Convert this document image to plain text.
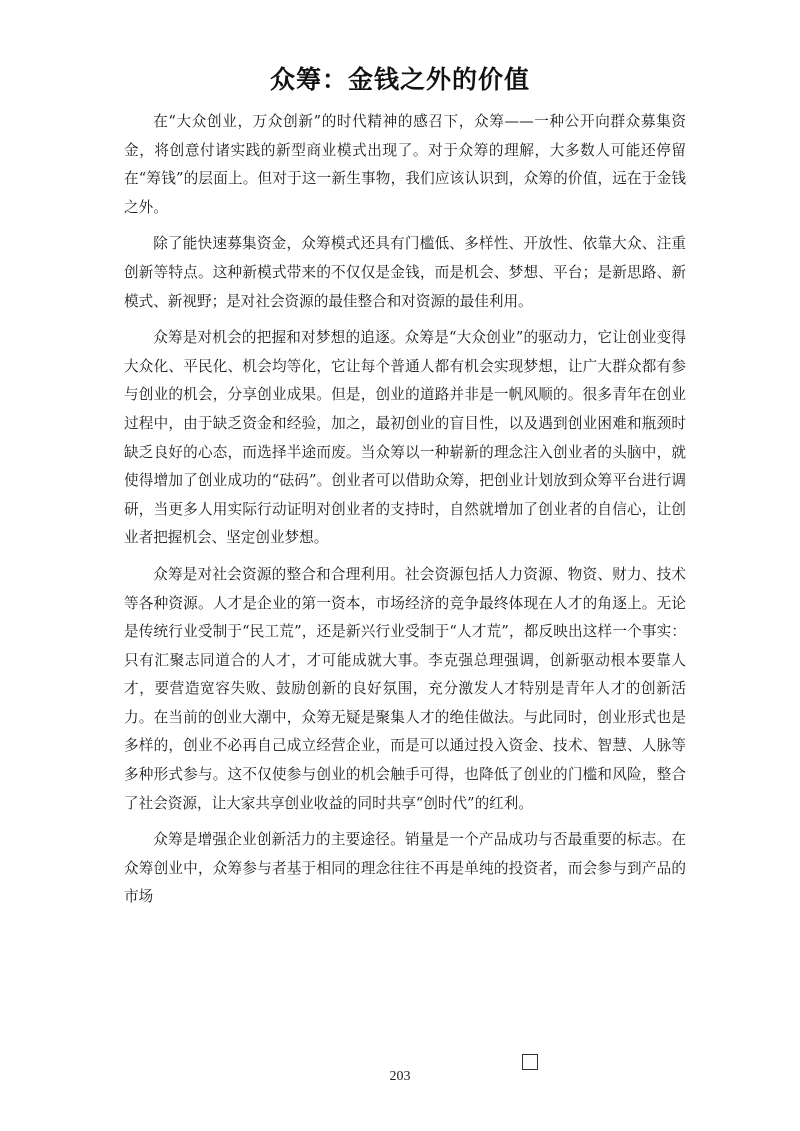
众筹：金钱之外的价值

在“大众创业，万众创新”的时代精神的感召下，众筹——一种公开向群众募集资金，将创意付诸实践的新型商业模式出现了。对于众筹的理解，大多数人可能还停留在“筹钱”的层面上。但对于这一新生事物，我们应该认识到，众筹的价值，远在于金钱之外。

除了能快速募集资金，众筹模式还具有门槛低、多样性、开放性、依靠大众、注重创新等特点。这种新模式带来的不仅仅是金钱，而是机会、梦想、平台；是新思路、新模式、新视野；是对社会资源的最佳整合和对资源的最佳利用。

众筹是对机会的把握和对梦想的追逐。众筹是“大众创业”的驱动力，它让创业变得大众化、平民化、机会均等化，它让每个普通人都有机会实现梦想，让广大群众都有参与创业的机会，分享创业成果。但是，创业的道路并非是一帆风顺的。很多青年在创业过程中，由于缺乏资金和经验，加之，最初创业的盲目性，以及遇到创业困难和瓶颈时缺乏良好的心态，而选择半途而废。当众筹以一种崭新的理念注入创业者的头脑中，就使得增加了创业成功的“砝码”。创业者可以借助众筹，把创业计划放到众筹平台进行调研，当更多人用实际行动证明对创业者的支持时，自然就增加了创业者的自信心，让创业者把握机会、坚定创业梦想。

众筹是对社会资源的整合和合理利用。社会资源包括人力资源、物资、财力、技术等各种资源。人才是企业的第一资本，市场经济的竞争最终体现在人才的角逐上。无论是传统行业受制于“民工荒”，还是新兴行业受制于“人才荒”，都反映出这样一个事实：只有汇聚志同道合的人才，才可能成就大事。李克强总理强调，创新驱动根本要靠人才，要营造宽容失败、鼓励创新的良好氛围，充分激发人才特别是青年人才的创新活力。在当前的创业大潮中，众筹无疑是聚集人才的绝佳做法。与此同时，创业形式也是多样的，创业不必再自己成立经营企业，而是可以通过投入资金、技术、智慧、人脉等多种形式参与。这不仅使参与创业的机会触手可得，也降低了创业的门槛和风险，整合了社会资源，让大家共享创业收益的同时共享“创时代”的红利。

众筹是增强企业创新活力的主要途径。销量是一个产品成功与否最重要的标志。在众筹创业中，众筹参与者基于相同的理念往往不再是单纯的投资者，而会参与到产品的市场

203
